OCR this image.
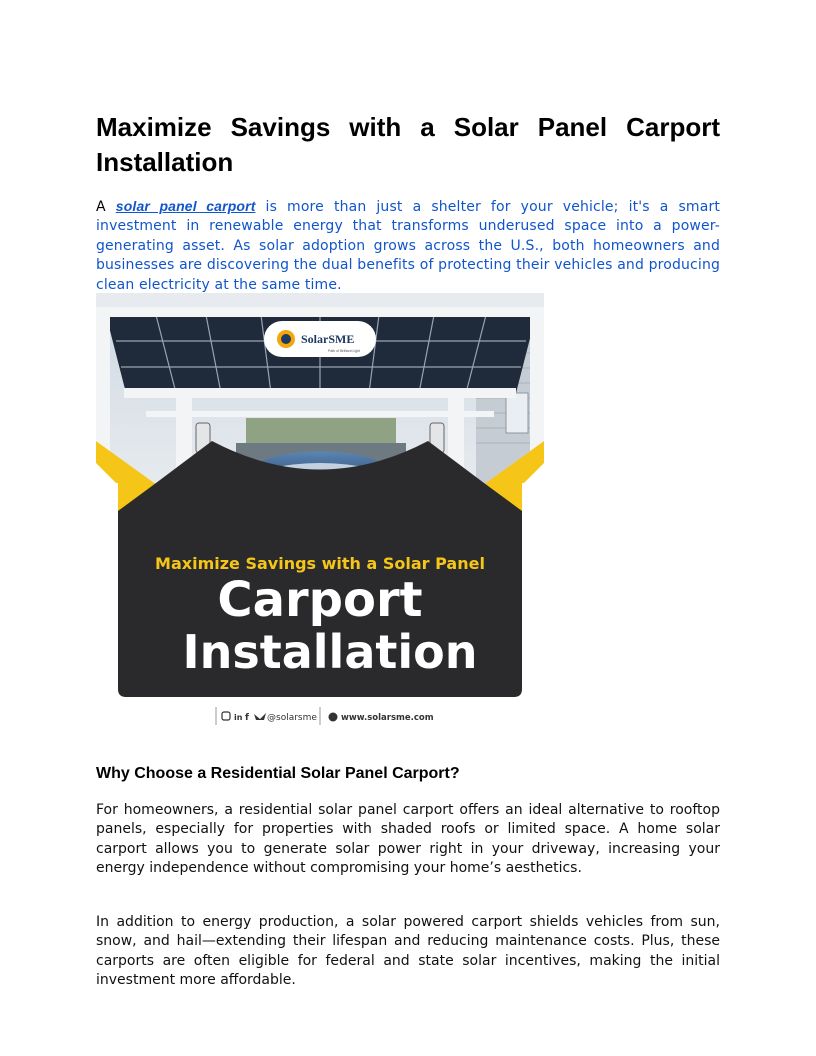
Maximize Savings with a Solar Panel Carport Installation

A solar panel carport is more than just a shelter for your vehicle; it's a smart investment in renewable energy that transforms underused space into a power-generating asset. As solar adoption grows across the U.S., both homeowners and businesses are discovering the dual benefits of protecting their vehicles and producing clean electricity at the same time.

SolarSME
Path of Brilliant Light
Maximize Savings with a Solar Panel
Carport
Installation
in f @solarsme	www.solarsme.com
Why Choose a Residential Solar Panel Carport?

For homeowners, a residential solar panel carport offers an ideal alternative to rooftop panels, especially for properties with shaded roofs or limited space. A home solar carport allows you to generate solar power right in your driveway, increasing your energy independence without compromising your home’s aesthetics.

In addition to energy production, a solar powered carport shields vehicles from sun, snow, and hail—extending their lifespan and reducing maintenance costs. Plus, these carports are often eligible for federal and state solar incentives, making the initial investment more affordable.
